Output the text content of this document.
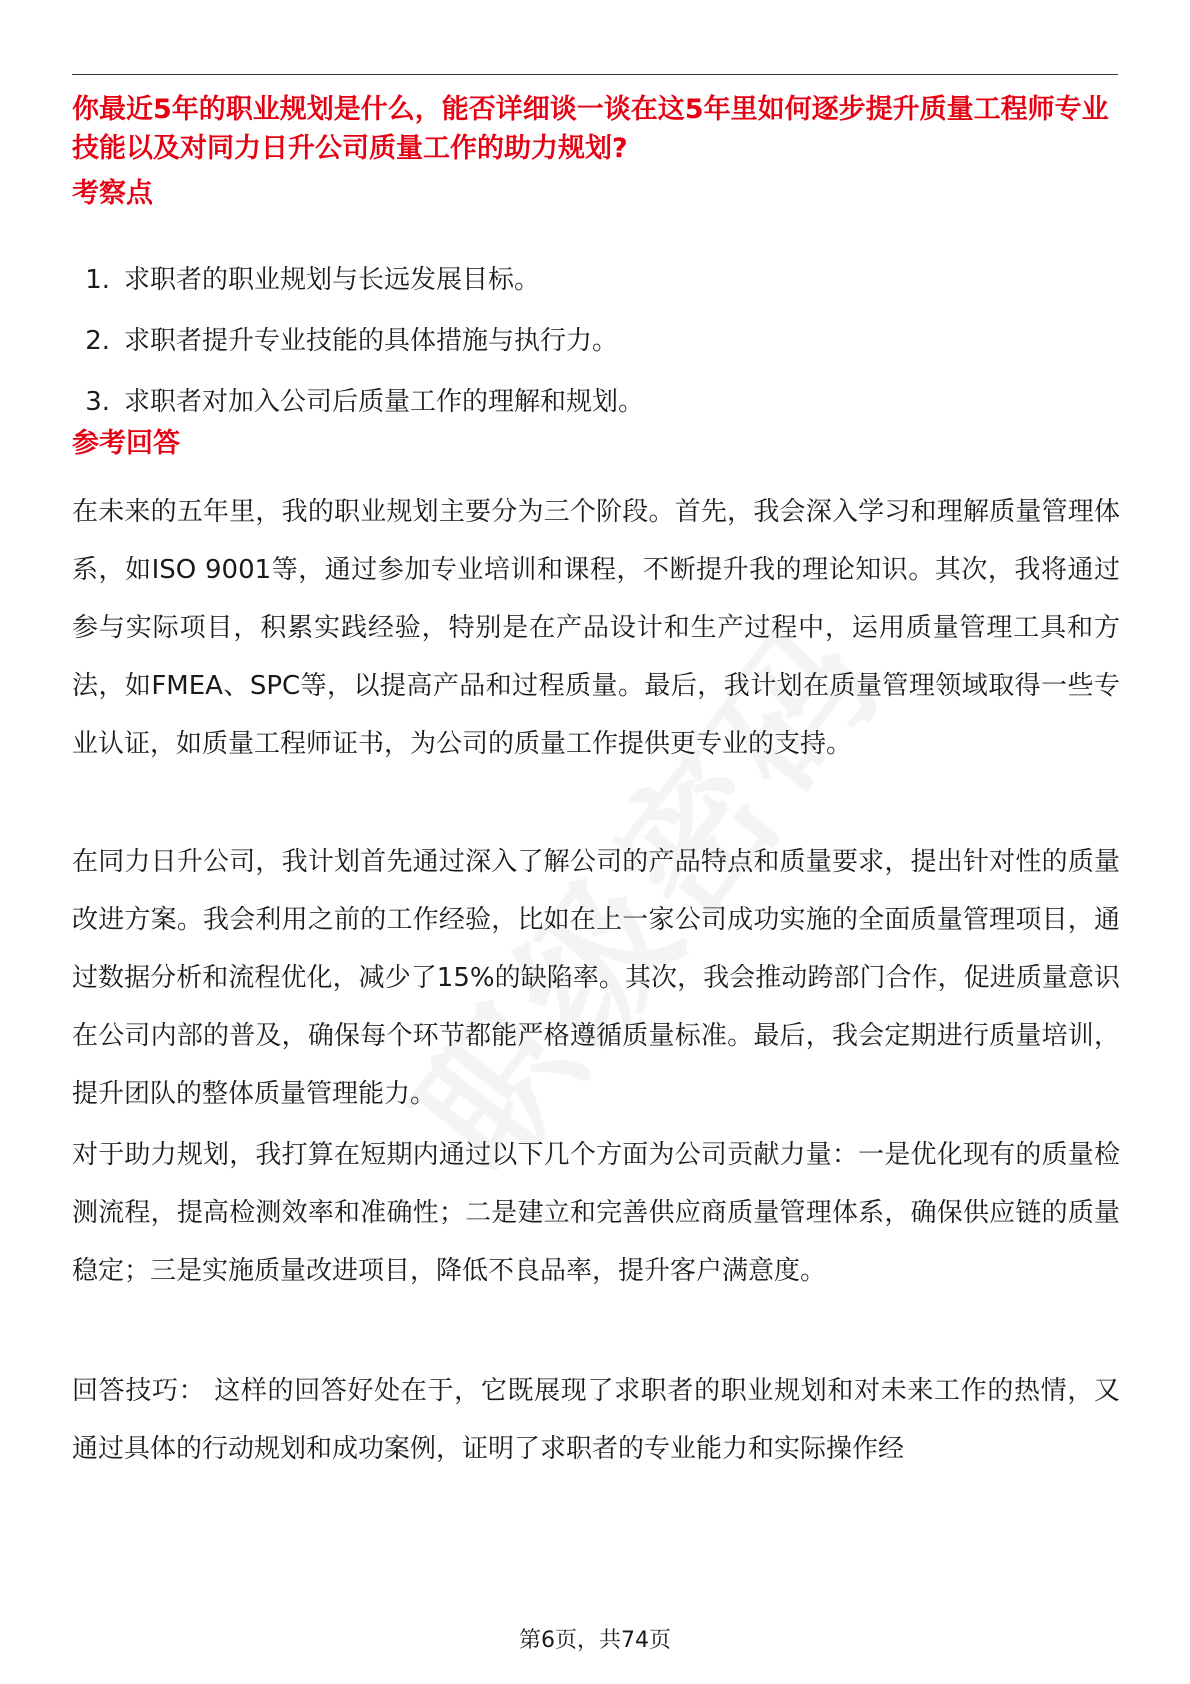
你最近5年的职业规划是什么，能否详细谈一谈在这5年里如何逐步提升质量工程师专业技能以及对同力日升公司质量工作的助力规划?

考察点
1. 求职者的职业规划与长远发展目标。
2. 求职者提升专业技能的具体措施与执行力。
3. 求职者对加入公司后质量工作的理解和规划。
参考回答

在未来的五年里，我的职业规划主要分为三个阶段。首先，我会深入学习和理解质量管理体系，如ISO 9001等，通过参加专业培训和课程，不断提升我的理论知识。其次，我将通过参与实际项目，积累实践经验，特别是在产品设计和生产过程中，运用质量管理工具和方法，如FMEA、SPC等，以提高产品和过程质量。最后，我计划在质量管理领域取得一些专业认证，如质量工程师证书，为公司的质量工作提供更专业的支持。

在同力日升公司，我计划首先通过深入了解公司的产品特点和质量要求，提出针对性的质量改进方案。我会利用之前的工作经验，比如在上一家公司成功实施的全面质量管理项目，通过数据分析和流程优化，减少了15%的缺陷率。其次，我会推动跨部门合作，促进质量意识在公司内部的普及，确保每个环节都能严格遵循质量标准。最后，我会定期进行质量培训，提升团队的整体质量管理能力。

对于助力规划，我打算在短期内通过以下几个方面为公司贡献力量：一是优化现有的质量检测流程，提高检测效率和准确性；二是建立和完善供应商质量管理体系，确保供应链的质量稳定；三是实施质量改进项目，降低不良品率，提升客户满意度。

回答技巧： 这样的回答好处在于，它既展现了求职者的职业规划和对未来工作的热情，又通过具体的行动规划和成功案例，证明了求职者的专业能力和实际操作经

第6页，共74页
